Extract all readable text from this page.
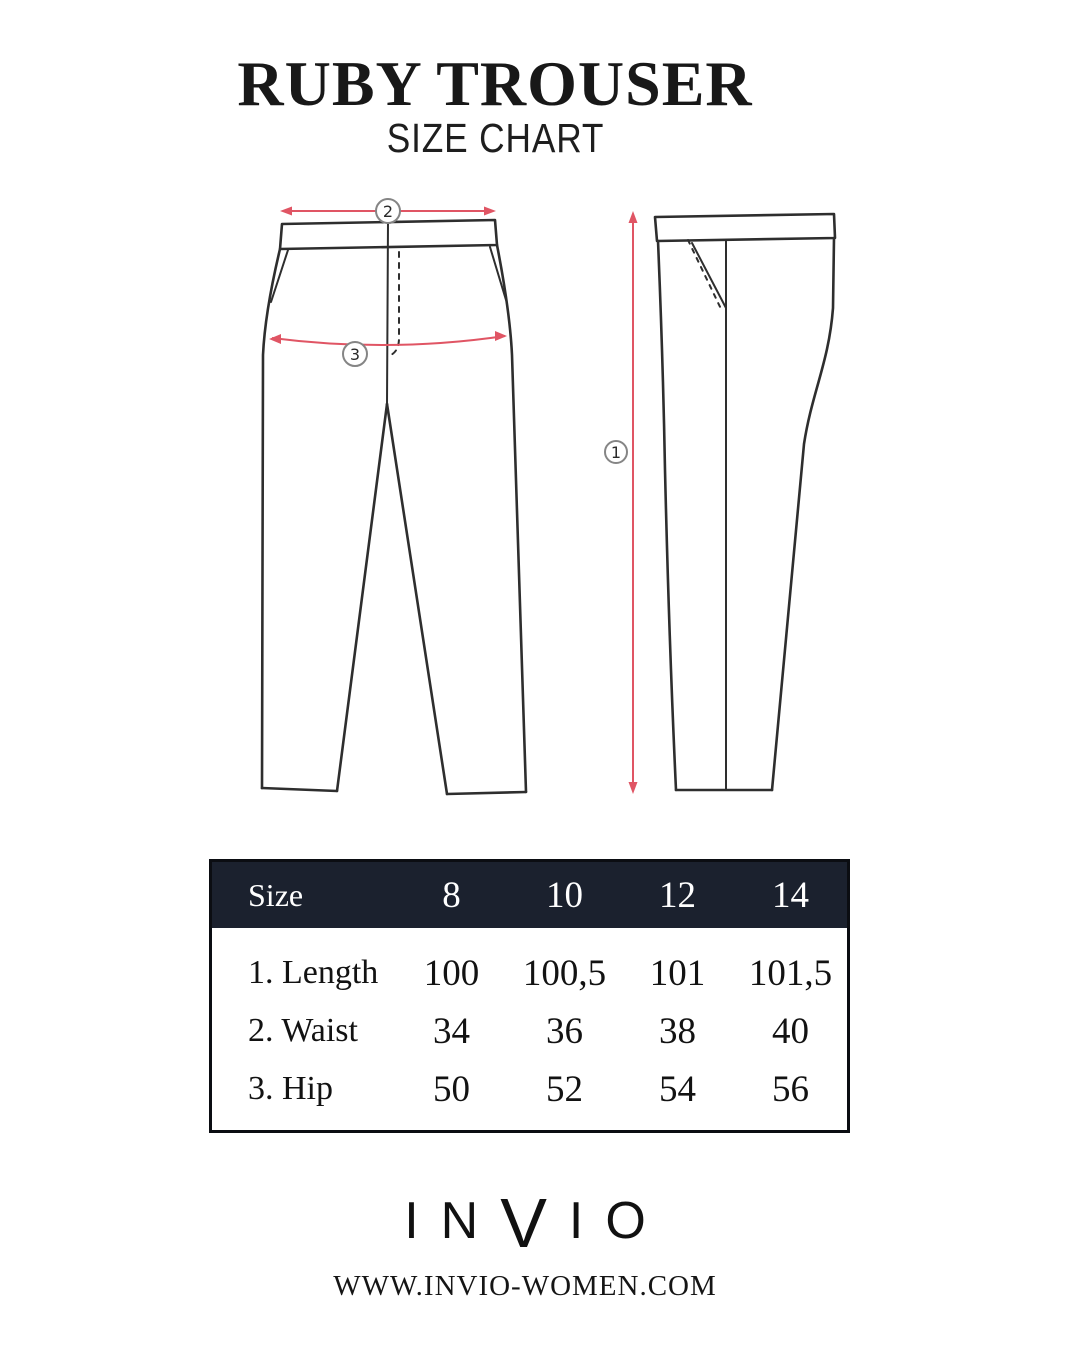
RUBY TROUSER
SIZE CHART
2
3
1
Size	8	10	12	14
1. Length	100	100,5	101	101,5
2. Waist	34	36	38	40
3. Hip	50	52	54	56
I N V I O
WWW.INVIO-WOMEN.COM
